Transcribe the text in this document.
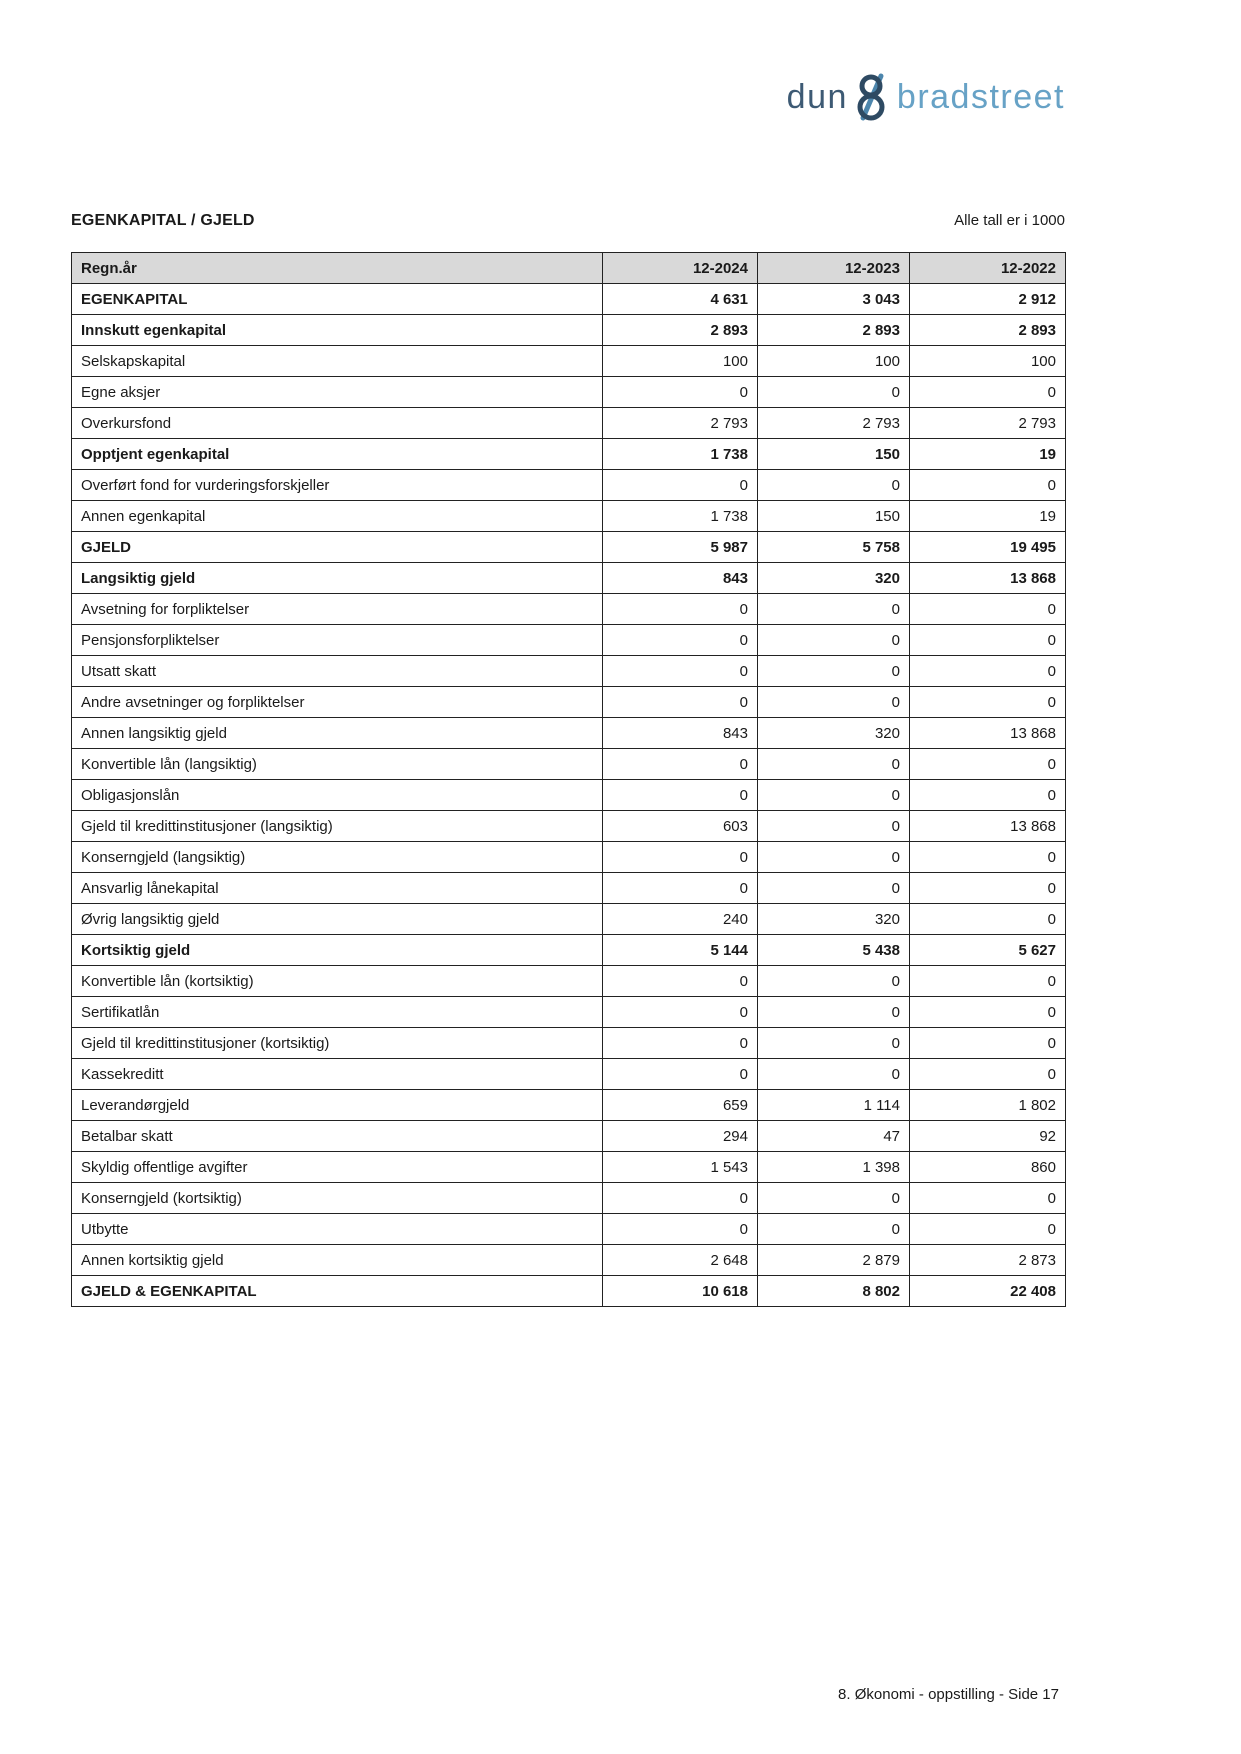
dun bradstreet
EGENKAPITAL / GJELD	Alle tall er i 1000
Regn.år	12-2024	12-2023	12-2022
EGENKAPITAL	4 631	3 043	2 912
Innskutt egenkapital	2 893	2 893	2 893
Selskapskapital	100	100	100
Egne aksjer	0	0	0
Overkursfond	2 793	2 793	2 793
Opptjent egenkapital	1 738	150	19
Overført fond for vurderingsforskjeller	0	0	0
Annen egenkapital	1 738	150	19
GJELD	5 987	5 758	19 495
Langsiktig gjeld	843	320	13 868
Avsetning for forpliktelser	0	0	0
Pensjonsforpliktelser	0	0	0
Utsatt skatt	0	0	0
Andre avsetninger og forpliktelser	0	0	0
Annen langsiktig gjeld	843	320	13 868
Konvertible lån (langsiktig)	0	0	0
Obligasjonslån	0	0	0
Gjeld til kredittinstitusjoner (langsiktig)	603	0	13 868
Konserngjeld (langsiktig)	0	0	0
Ansvarlig lånekapital	0	0	0
Øvrig langsiktig gjeld	240	320	0
Kortsiktig gjeld	5 144	5 438	5 627
Konvertible lån (kortsiktig)	0	0	0
Sertifikatlån	0	0	0
Gjeld til kredittinstitusjoner (kortsiktig)	0	0	0
Kassekreditt	0	0	0
Leverandørgjeld	659	1 114	1 802
Betalbar skatt	294	47	92
Skyldig offentlige avgifter	1 543	1 398	860
Konserngjeld (kortsiktig)	0	0	0
Utbytte	0	0	0
Annen kortsiktig gjeld	2 648	2 879	2 873
GJELD & EGENKAPITAL	10 618	8 802	22 408
8. Økonomi - oppstilling - Side 17
